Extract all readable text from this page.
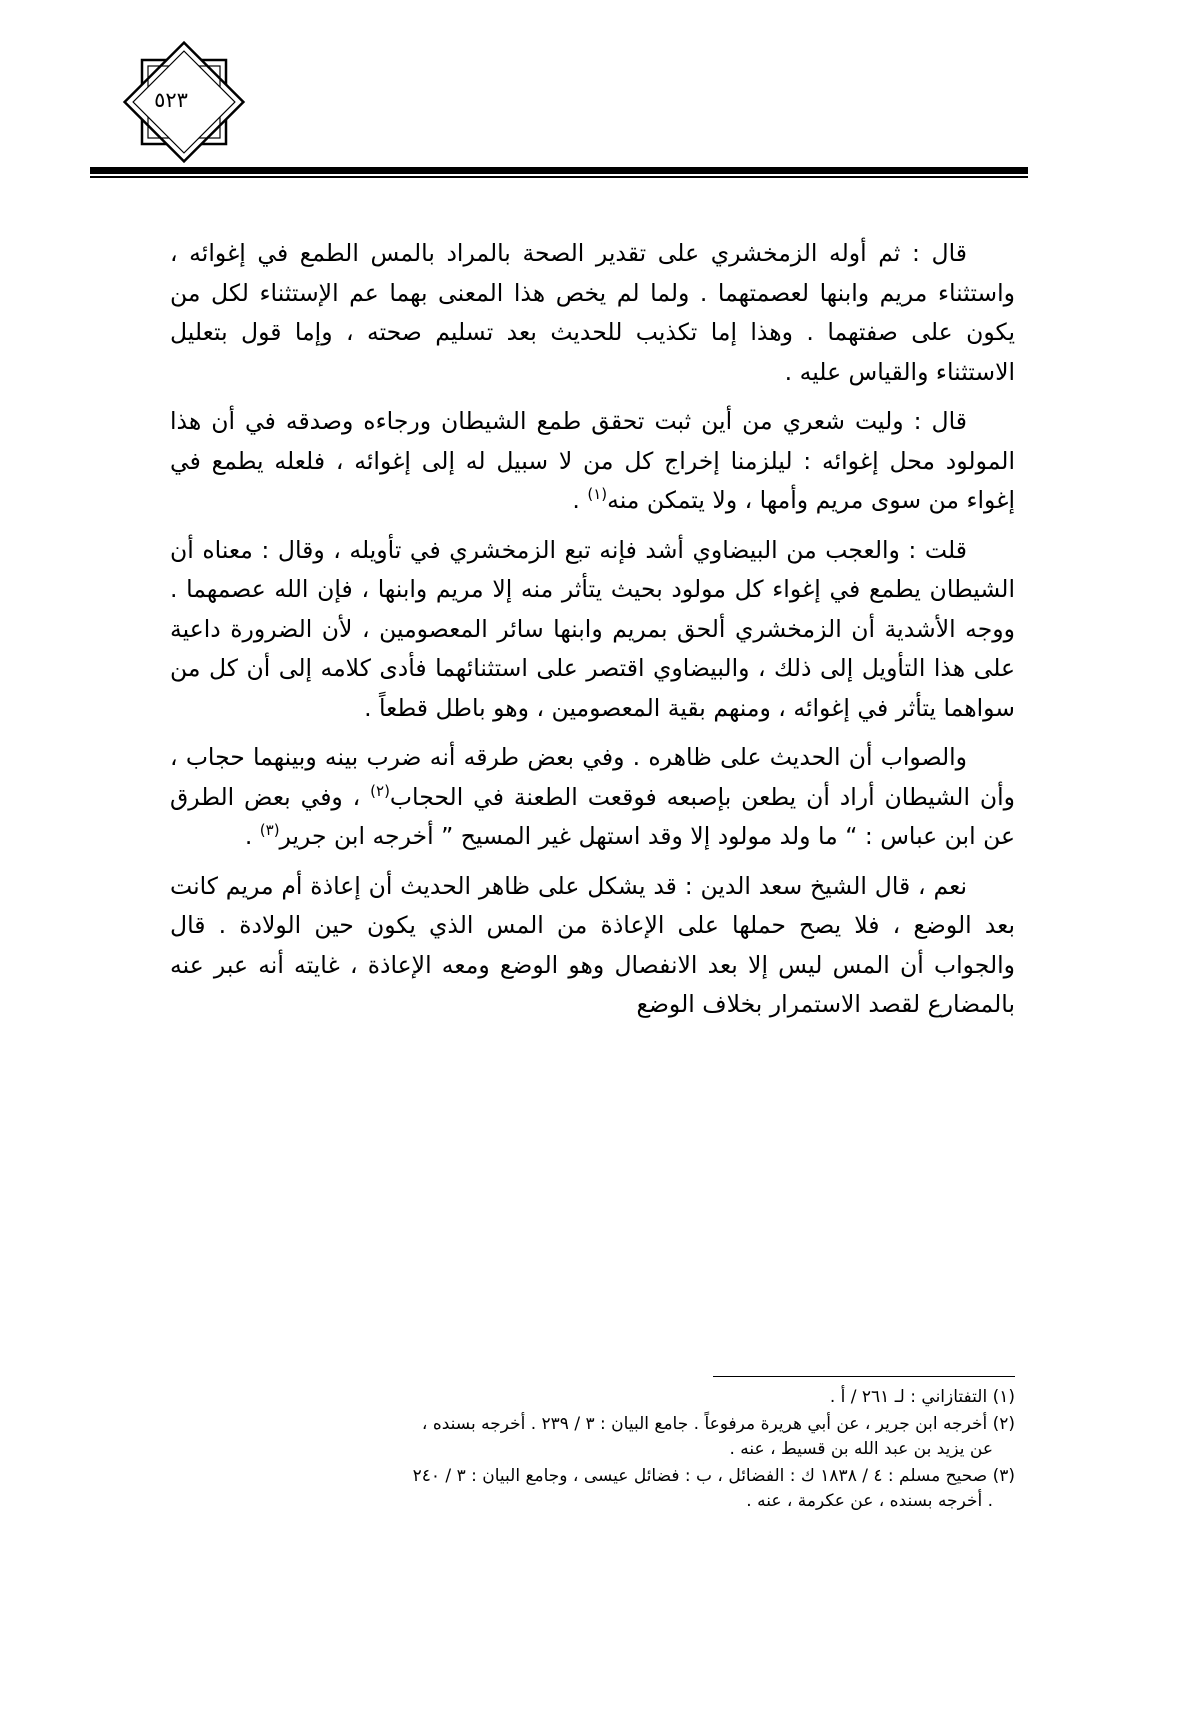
٥٢٣

قال : ثم أوله الزمخشري على تقدير الصحة بالمراد بالمس الطمع في إغوائه ، واستثناء مريم وابنها لعصمتهما . ولما لم يخص هذا المعنى بهما عم الإستثناء لكل من يكون على صفتهما . وهذا إما تكذيب للحديث بعد تسليم صحته ، وإما قول بتعليل الاستثناء والقياس عليه .

قال : وليت شعري من أين ثبت تحقق طمع الشيطان ورجاءه وصدقه في أن هذا المولود محل إغوائه : ليلزمنا إخراج كل من لا سبيل له إلى إغوائه ، فلعله يطمع في إغواء من سوى مريم وأمها ، ولا يتمكن منه$^{(١)}$ .

قلت : والعجب من البيضاوي أشد فإنه تبع الزمخشري في تأويله ، وقال : معناه أن الشيطان يطمع في إغواء كل مولود بحيث يتأثر منه إلا مريم وابنها ، فإن الله عصمهما . ووجه الأشدية أن الزمخشري ألحق بمريم وابنها سائر المعصومين ، لأن الضرورة داعية على هذا التأويل إلى ذلك ، والبيضاوي اقتصر على استثنائهما فأدى كلامه إلى أن كل من سواهما يتأثر في إغوائه ، ومنهم بقية المعصومين ، وهو باطل قطعاً .

والصواب أن الحديث على ظاهره . وفي بعض طرقه أنه ضرب بينه وبينهما حجاب ، وأن الشيطان أراد أن يطعن بإصبعه فوقعت الطعنة في الحجاب$^{(٢)}$ ، وفي بعض الطرق عن ابن عباس : “ ما ولد مولود إلا وقد استهل غير المسيح ” أخرجه ابن جرير$^{(٣)}$ .

نعم ، قال الشيخ سعد الدين : قد يشكل على ظاهر الحديث أن إعاذة أم مريم كانت بعد الوضع ، فلا يصح حملها على الإعاذة من المس الذي يكون حين الولادة . قال والجواب أن المس ليس إلا بعد الانفصال وهو الوضع ومعه الإعاذة ، غايته أنه عبر عنه بالمضارع لقصد الاستمرار بخلاف الوضع

(١) التفتازاني : لـ ٢٦١ / أ .
(٢) أخرجه ابن جرير ، عن أبي هريرة مرفوعاً . جامع البيان : ٣ / ٢٣٩ . أخرجه بسنده ،
عن يزيد بن عبد الله بن قسيط ، عنه .
(٣) صحيح مسلم : ٤ / ١٨٣٨ ك : الفضائل ، ب : فضائل عيسى ، وجامع البيان : ٣ / ٢٤٠
. أخرجه بسنده ، عن عكرمة ، عنه .
